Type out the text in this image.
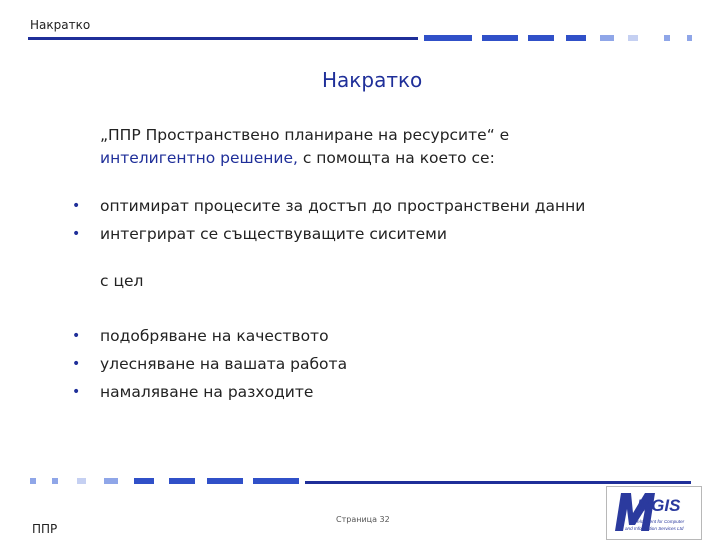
Накратко
Накратко
„ППР Пространствено планиране на ресурсите“ е
интелигентно решение, с помощта на което се:
• оптимират процесите за достъп до пространствени данни
• интегрират се съществуващите сиситеми
с цел
• подобряване на качеството
• улесняване на вашата работа
• намаляване на разходите
ППР
Страница 32
MGIS
Development for Computer
and Information Services Ltd
